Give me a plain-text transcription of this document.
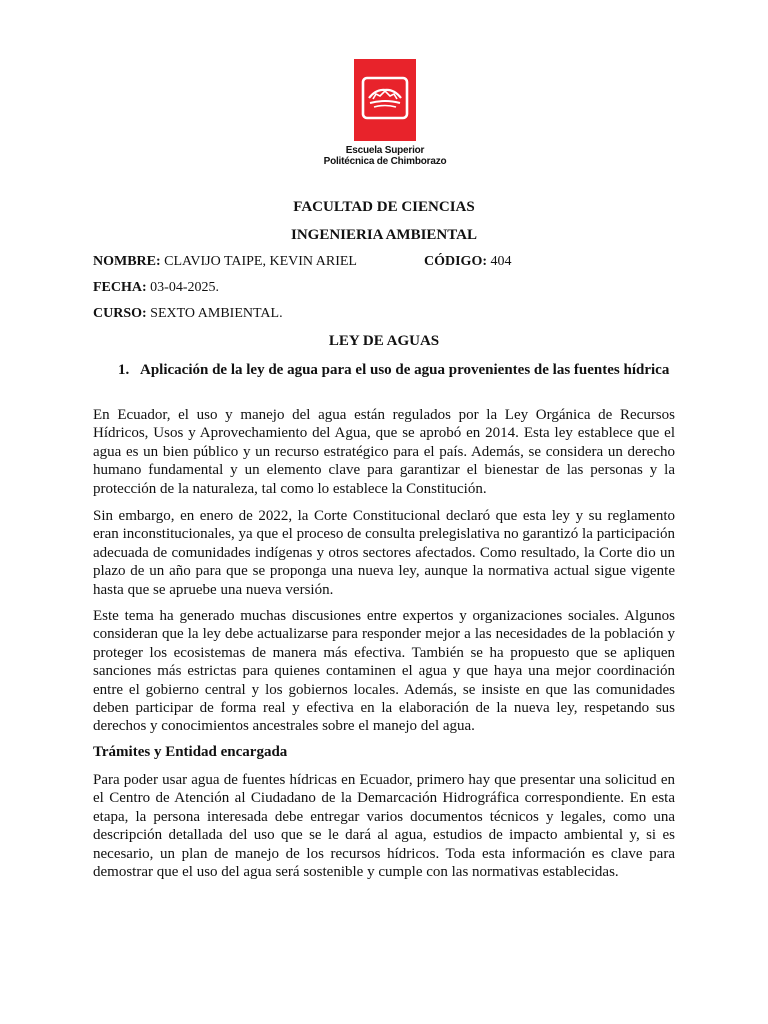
Escuela Superior
Politécnica de Chimborazo
FACULTAD DE CIENCIAS
INGENIERIA AMBIENTAL
NOMBRE: CLAVIJO TAIPE, KEVIN ARIEL	CÓDIGO: 404
FECHA: 03-04-2025.
CURSO: SEXTO AMBIENTAL.
LEY DE AGUAS
1. Aplicación de la ley de agua para el uso de agua provenientes de las fuentes hídrica

En Ecuador, el uso y manejo del agua están regulados por la Ley Orgánica de Recursos Hídricos, Usos y Aprovechamiento del Agua, que se aprobó en 2014. Esta ley establece que el agua es un bien público y un recurso estratégico para el país. Además, se considera un derecho humano fundamental y un elemento clave para garantizar el bienestar de las personas y la protección de la naturaleza, tal como lo establece la Constitución.

Sin embargo, en enero de 2022, la Corte Constitucional declaró que esta ley y su reglamento eran inconstitucionales, ya que el proceso de consulta prelegislativa no garantizó la participación adecuada de comunidades indígenas y otros sectores afectados. Como resultado, la Corte dio un plazo de un año para que se proponga una nueva ley, aunque la normativa actual sigue vigente hasta que se apruebe una nueva versión.

Este tema ha generado muchas discusiones entre expertos y organizaciones sociales. Algunos consideran que la ley debe actualizarse para responder mejor a las necesidades de la población y proteger los ecosistemas de manera más efectiva. También se ha propuesto que se apliquen sanciones más estrictas para quienes contaminen el agua y que haya una mejor coordinación entre el gobierno central y los gobiernos locales. Además, se insiste en que las comunidades deben participar de forma real y efectiva en la elaboración de la nueva ley, respetando sus derechos y conocimientos ancestrales sobre el manejo del agua.

Trámites y Entidad encargada

Para poder usar agua de fuentes hídricas en Ecuador, primero hay que presentar una solicitud en el Centro de Atención al Ciudadano de la Demarcación Hidrográfica correspondiente. En esta etapa, la persona interesada debe entregar varios documentos técnicos y legales, como una descripción detallada del uso que se le dará al agua, estudios de impacto ambiental y, si es necesario, un plan de manejo de los recursos hídricos. Toda esta información es clave para demostrar que el uso del agua será sostenible y cumple con las normativas establecidas.
